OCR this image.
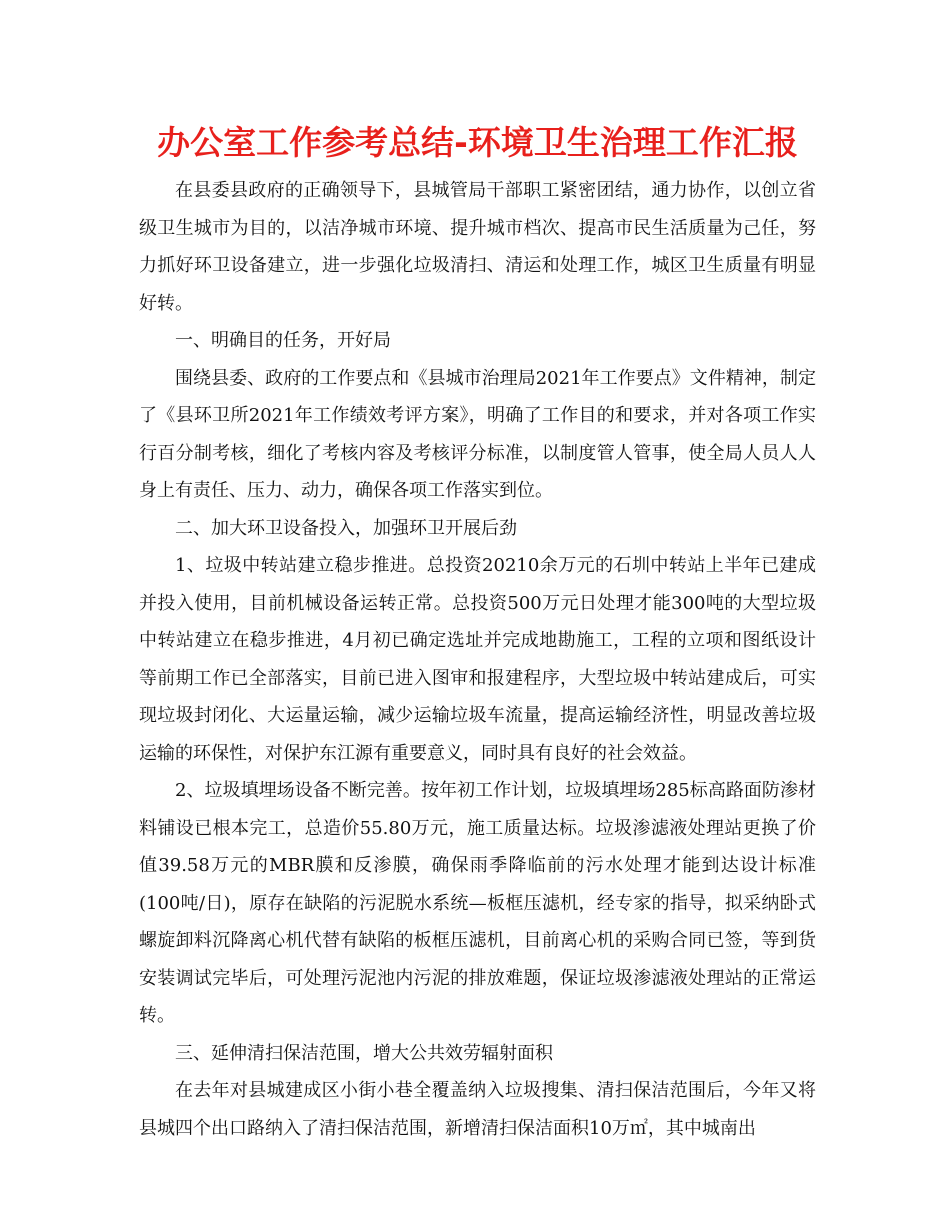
办公室工作参考总结-环境卫生治理工作汇报

在县委县政府的正确领导下，县城管局干部职工紧密团结，通力协作，以创立省级卫生城市为目的，以洁净城市环境、提升城市档次、提高市民生活质量为己任，努力抓好环卫设备建立，进一步强化垃圾清扫、清运和处理工作，城区卫生质量有明显好转。

一、明确目的任务，开好局

围绕县委、政府的工作要点和《县城市治理局2021年工作要点》文件精神，制定了《县环卫所2021年工作绩效考评方案》，明确了工作目的和要求，并对各项工作实行百分制考核，细化了考核内容及考核评分标准，以制度管人管事，使全局人员人人身上有责任、压力、动力，确保各项工作落实到位。

二、加大环卫设备投入，加强环卫开展后劲

1、垃圾中转站建立稳步推进。总投资20210余万元的石圳中转站上半年已建成并投入使用，目前机械设备运转正常。总投资500万元日处理才能300吨的大型垃圾中转站建立在稳步推进，4月初已确定选址并完成地勘施工，工程的立项和图纸设计等前期工作已全部落实，目前已进入图审和报建程序，大型垃圾中转站建成后，可实现垃圾封闭化、大运量运输，减少运输垃圾车流量，提高运输经济性，明显改善垃圾运输的环保性，对保护东江源有重要意义，同时具有良好的社会效益。

2、垃圾填埋场设备不断完善。按年初工作计划，垃圾填埋场285标高路面防渗材料铺设已根本完工，总造价55.80万元，施工质量达标。垃圾渗滤液处理站更换了价值39.58万元的MBR膜和反渗膜，确保雨季降临前的污水处理才能到达设计标准(100吨/日)，原存在缺陷的污泥脱水系统—板框压滤机，经专家的指导，拟采纳卧式螺旋卸料沉降离心机代替有缺陷的板框压滤机，目前离心机的采购合同已签，等到货安装调试完毕后，可处理污泥池内污泥的排放难题，保证垃圾渗滤液处理站的正常运转。

三、延伸清扫保洁范围，增大公共效劳辐射面积

在去年对县城建成区小街小巷全覆盖纳入垃圾搜集、清扫保洁范围后，今年又将县城四个出口路纳入了清扫保洁范围，新增清扫保洁面积10万㎡，其中城南出
